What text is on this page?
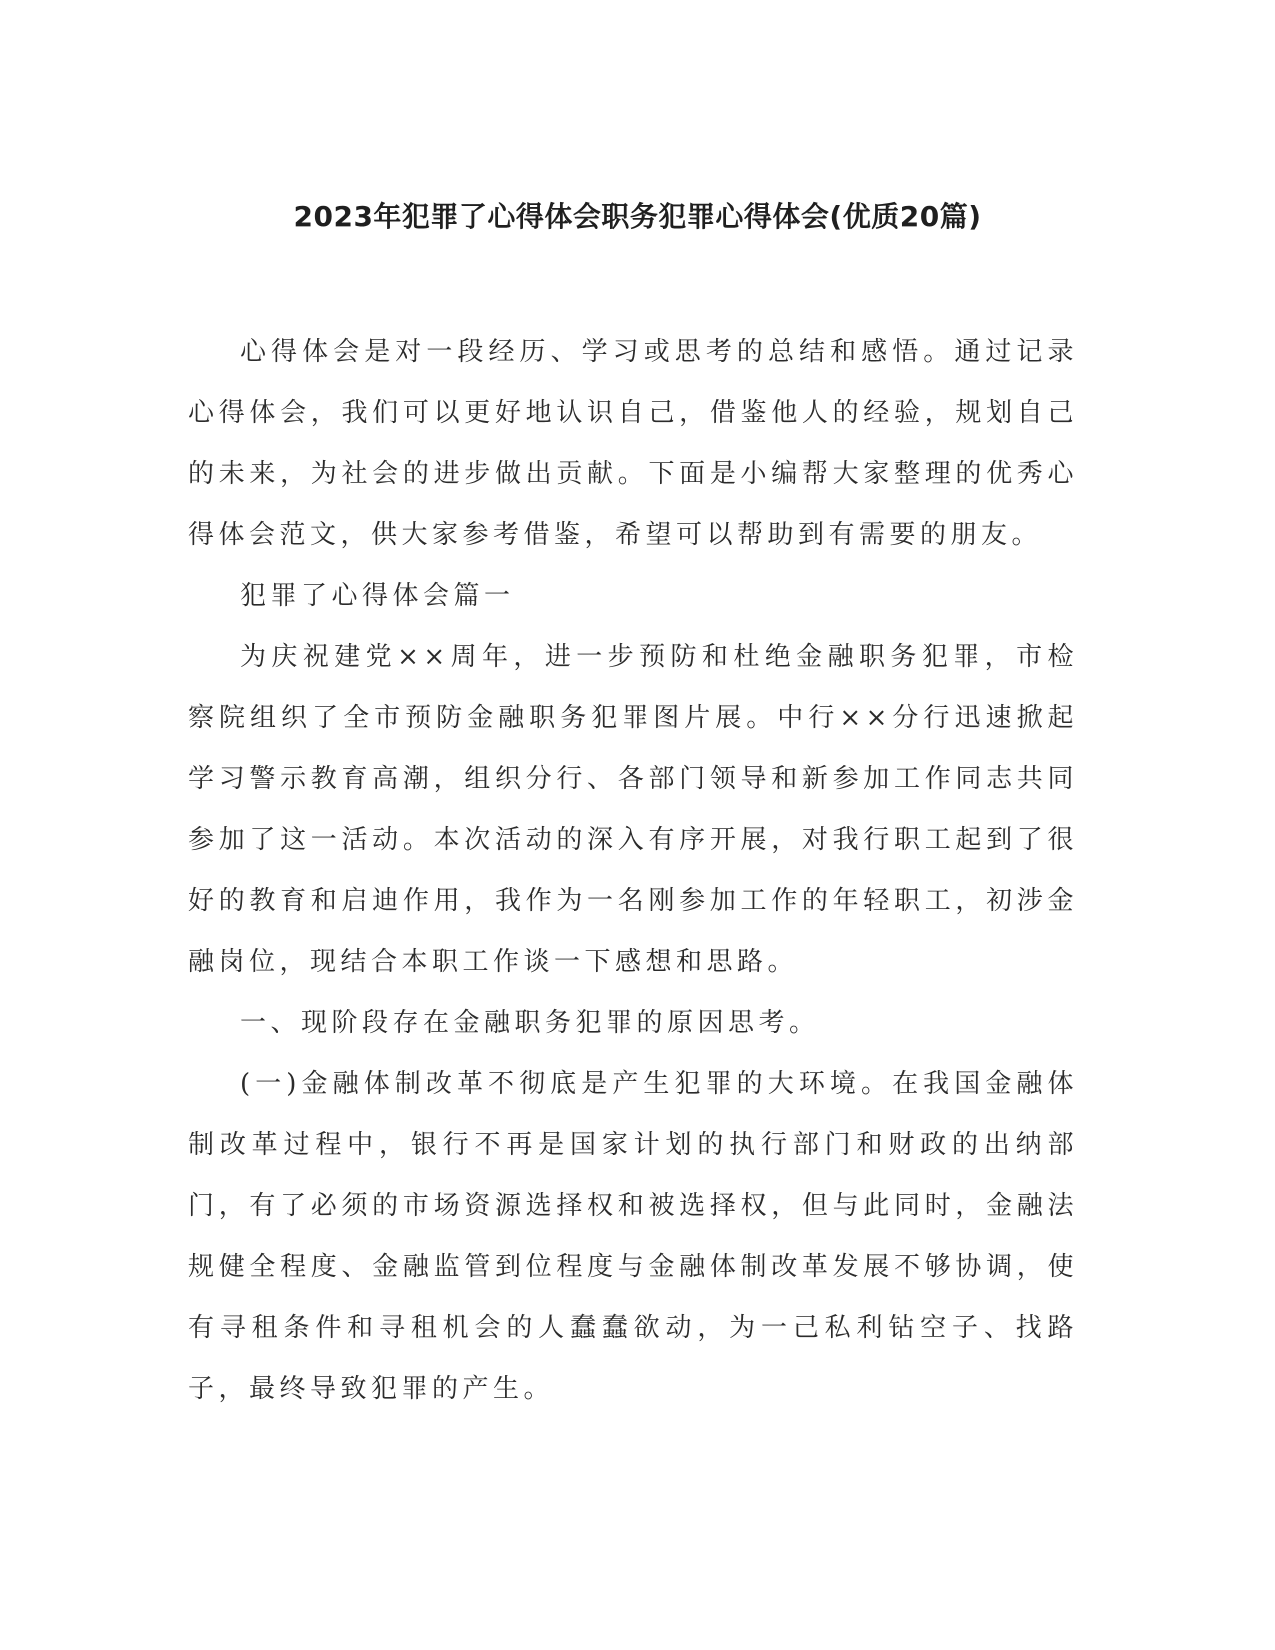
2023年犯罪了心得体会职务犯罪心得体会(优质20篇)

心得体会是对一段经历、学习或思考的总结和感悟。通过记录心得体会，我们可以更好地认识自己，借鉴他人的经验，规划自己的未来，为社会的进步做出贡献。下面是小编帮大家整理的优秀心得体会范文，供大家参考借鉴，希望可以帮助到有需要的朋友。

犯罪了心得体会篇一

为庆祝建党××周年，进一步预防和杜绝金融职务犯罪，市检察院组织了全市预防金融职务犯罪图片展。中行××分行迅速掀起学习警示教育高潮，组织分行、各部门领导和新参加工作同志共同参加了这一活动。本次活动的深入有序开展，对我行职工起到了很好的教育和启迪作用，我作为一名刚参加工作的年轻职工，初涉金融岗位，现结合本职工作谈一下感想和思路。

一、现阶段存在金融职务犯罪的原因思考。

(一)金融体制改革不彻底是产生犯罪的大环境。在我国金融体制改革过程中，银行不再是国家计划的执行部门和财政的出纳部门，有了必须的市场资源选择权和被选择权，但与此同时，金融法规健全程度、金融监管到位程度与金融体制改革发展不够协调，使有寻租条件和寻租机会的人蠢蠢欲动，为一己私利钻空子、找路子，最终导致犯罪的产生。
